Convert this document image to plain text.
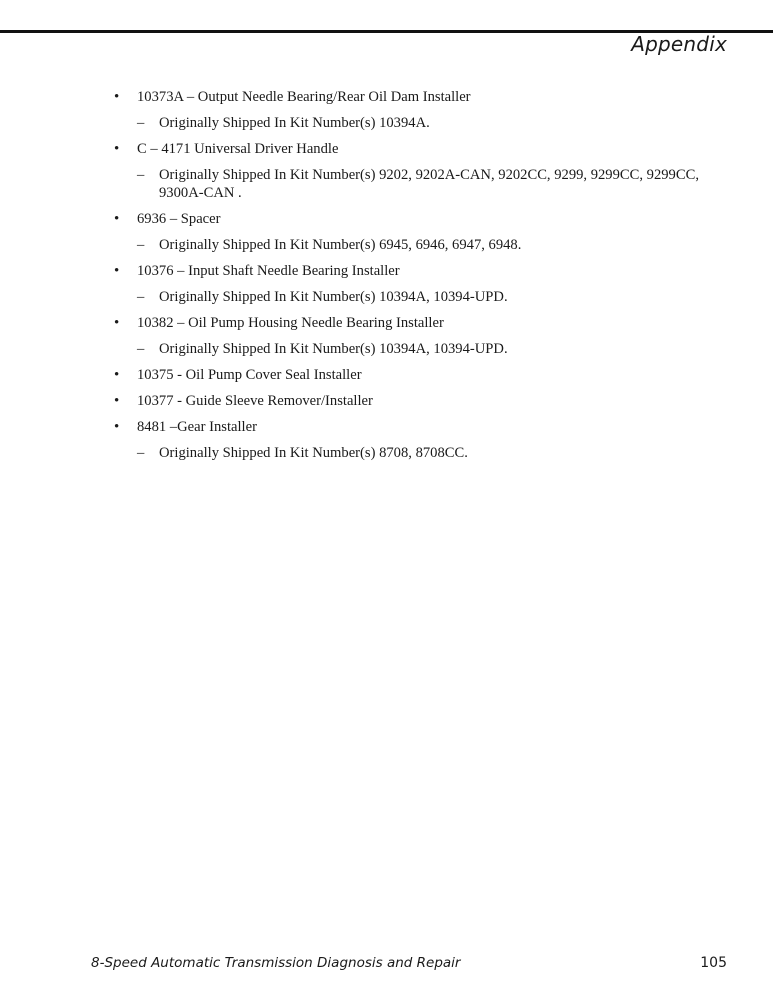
Appendix
• 10373A – Output Needle Bearing/Rear Oil Dam Installer
– Originally Shipped In Kit Number(s) 10394A.
• C – 4171 Universal Driver Handle
– Originally Shipped In Kit Number(s) 9202, 9202A-CAN, 9202CC, 9299, 9299CC, 9299CC, 9300A-CAN .
• 6936 – Spacer
– Originally Shipped In Kit Number(s) 6945, 6946, 6947, 6948.
• 10376 – Input Shaft Needle Bearing Installer
– Originally Shipped In Kit Number(s) 10394A, 10394-UPD.
• 10382 – Oil Pump Housing Needle Bearing Installer
– Originally Shipped In Kit Number(s) 10394A, 10394-UPD.
• 10375 - Oil Pump Cover Seal Installer
• 10377 - Guide Sleeve Remover/Installer
• 8481 –Gear Installer
– Originally Shipped In Kit Number(s) 8708, 8708CC.
8-Speed Automatic Transmission Diagnosis and Repair	105
